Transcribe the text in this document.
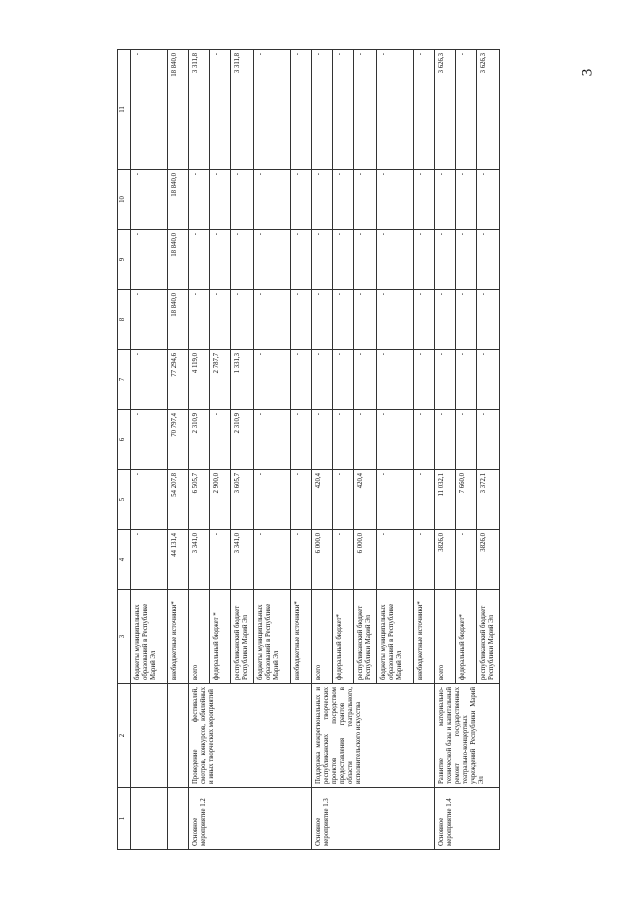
3
1	2	3	4	5	6	7	8	9	10	11
		бюджеты муниципальных образований в Республике Марий Эл	-	-	-	-	-	-	-	-
		внебюджетные источники*	44 131,4	54 207,8	70 797,4	77 294,6	18 840,0	18 840,0	18 840,0	18 840,0
Основное мероприятие 1.2	Проведение фестивалей, смотров, конкурсов, юбилейных и иных творческих мероприятий	всего	3 341,0	6 505,7	2 310,9	4 119,0	-	-	-	3 311,8
		федеральный бюджет *	-	2 900,0	-	2 787,7	-	-	-	-
		республиканский бюджет Республики Марий Эл	3 341,0	3 605,7	2 310,9	1 331,3	-	-	-	3 311,8
		бюджеты муниципальных образований в Республике Марий Эл	-	-	-	-	-	-	-	-
		внебюджетные источники*	-	-	-	-	-	-	-	-
Основное мероприятие 1.3	Поддержка межрегиональных и республиканских творческих проектов посредством предоставления грантов в области театрального, исполнительского искусства	всего	6 000,0	420,4	-	-	-	-	-	-
		федеральный бюджет*	-	-	-	-	-	-	-	-
		республиканский бюджет Республики Марий Эл	6 000,0	420,4	-	-	-	-	-	-
		бюджеты муниципальных образований в Республике Марий Эл	-	-	-	-	-	-	-	-
		внебюджетные источники*	-	-	-	-	-	-	-	-
Основное мероприятие 1.4	Развитие материально-технической базы и капитальный ремонт государственных театрально-концертных учреждений Республики Марий Эл	всего	3826,0	11 032,1	-	-	-	-	-	3 626,3
		федеральный бюджет*	-	7 660,0	-	-	-	-	-	-
		республиканский бюджет Республики Марий Эл	3826,0	3 372,1	-	-	-	-	-	3 626,3
